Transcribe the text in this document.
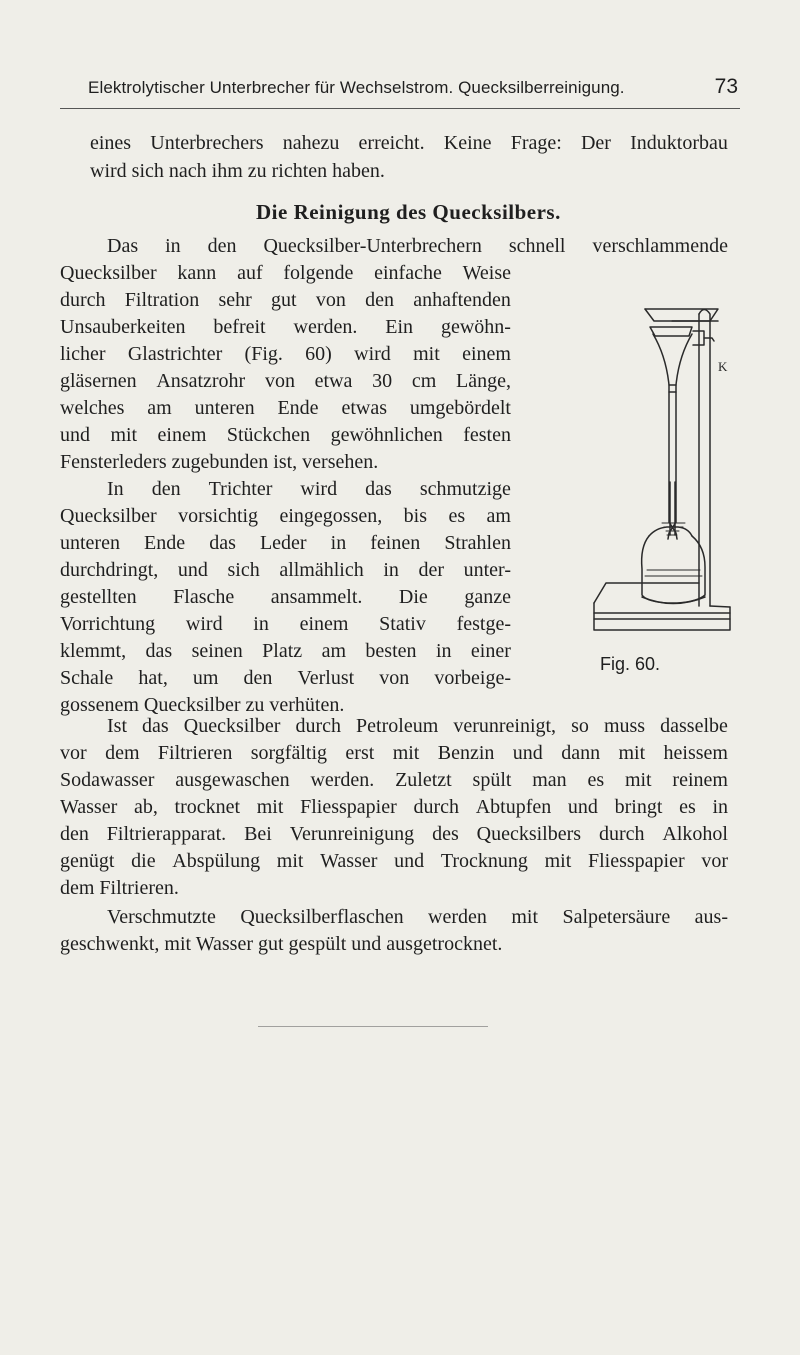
Elektrolytischer Unterbrecher für Wechselstrom. Quecksilberreinigung.	73
eines Unterbrechers nahezu erreicht. Keine Frage: Der Induktorbau
wird sich nach ihm zu richten haben.
Die Reinigung des Quecksilbers.
Das in den Quecksilber-Unterbrechern schnell verschlammende
Quecksilber kann auf folgende einfache Weise
durch Filtration sehr gut von den anhaftenden
Unsauberkeiten befreit werden. Ein gewöhn-
licher Glastrichter (Fig. 60) wird mit einem
gläsernen Ansatzrohr von etwa 30 cm Länge,
welches am unteren Ende etwas umgebördelt
und mit einem Stückchen gewöhnlichen festen
Fensterleders zugebunden ist, versehen.
In den Trichter wird das schmutzige
Quecksilber vorsichtig eingegossen, bis es am
unteren Ende das Leder in feinen Strahlen
durchdringt, und sich allmählich in der unter-
gestellten Flasche ansammelt. Die ganze
Vorrichtung wird in einem Stativ festge-
klemmt, das seinen Platz am besten in einer
Schale hat, um den Verlust von vorbeige-
gossenem Quecksilber zu verhüten.
K
Fig. 60.
Ist das Quecksilber durch Petroleum verunreinigt, so muss dasselbe
vor dem Filtrieren sorgfältig erst mit Benzin und dann mit heissem
Sodawasser ausgewaschen werden. Zuletzt spült man es mit reinem
Wasser ab, trocknet mit Fliesspapier durch Abtupfen und bringt es in
den Filtrierapparat. Bei Verunreinigung des Quecksilbers durch Alkohol
genügt die Abspülung mit Wasser und Trocknung mit Fliesspapier vor
dem Filtrieren.
Verschmutzte Quecksilberflaschen werden mit Salpetersäure aus-
geschwenkt, mit Wasser gut gespült und ausgetrocknet.
